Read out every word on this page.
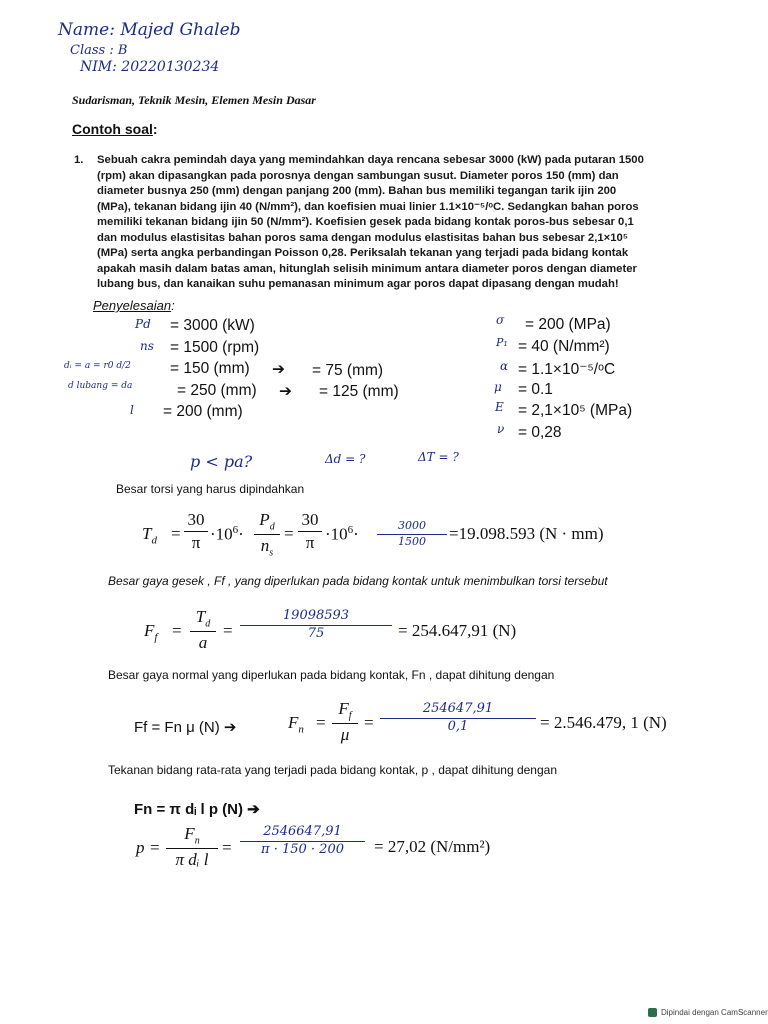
Name: Majed Ghaleb
Class : B
NIM: 20220130234
Sudarisman, Teknik Mesin, Elemen Mesin Dasar
Contoh soal:
1. Sebuah cakra pemindah daya yang memindahkan daya rencana sebesar 3000 (kW) pada putaran 1500
(rpm) akan dipasangkan pada porosnya dengan sambungan susut. Diameter poros 150 (mm) dan
diameter busnya 250 (mm) dengan panjang 200 (mm). Bahan bus memiliki tegangan tarik ijin 200
(MPa), tekanan bidang ijin 40 (N/mm²), dan koefisien muai linier 1.1×10⁻⁵/ᵒC. Sedangkan bahan poros
memiliki tekanan bidang ijin 50 (N/mm²). Koefisien gesek pada bidang kontak poros-bus sebesar 0,1
dan modulus elastisitas bahan poros sama dengan modulus elastisitas bahan bus sebesar 2,1×10⁵
(MPa) serta angka perbandingan Poisson 0,28. Periksalah tekanan yang terjadi pada bidang kontak
apakah masih dalam batas aman, hitunglah selisih minimum antara diameter poros dengan diameter
lubang bus, dan kanaikan suhu pemanasan minimum agar poros dapat dipasang dengan mudah!
Penyelesaian:
Pd = 3000 (kW)
ns = 1500 (rpm)
dᵢ = a = r0 d/2	= 150 (mm) ➔ = 75 (mm)
d lubang = da	= 250 (mm) ➔ = 125 (mm)
l = 200 (mm)
σ = 200 (MPa)
P₁ = 40 (N/mm²)
α = 1.1×10⁻⁵/ᵒC
μ = 0.1
E = 2,1×10⁵ (MPa)
ν = 0,28
p < pa?	Δd = ?	ΔT = ?
Besar torsi yang harus dipindahkan
$T_d$ =
30
$\pi \cdot 10^6\cdot$
$P_d$
$n_s$
=
30
$\pi \cdot 10^6\cdot$	3000
1500	=19.098.593 (N · mm)
Besar gaya gesek , Ff , yang diperlukan pada bidang kontak untuk menimbulkan torsi tersebut
$F_f$ =
$T_d$
a
=
19098593
75	= 254.647,91 (N)
Besar gaya normal yang diperlukan pada bidang kontak, Fn , dapat dihitung dengan
Ff = Fn μ (N) ➔	$F_n$ =
$F_f$
μ
=
254647,91
0,1	= 2.546.479, 1 (N)
Tekanan bidang rata-rata yang terjadi pada bidang kontak, p , dapat dihitung dengan
Fn = π dᵢ l p (N) ➔
p =
$F_n$
π dᵢ l
=
2546647,91
π · 150 · 200	= 27,02 (N/mm²)
Dipindai dengan CamScanner
